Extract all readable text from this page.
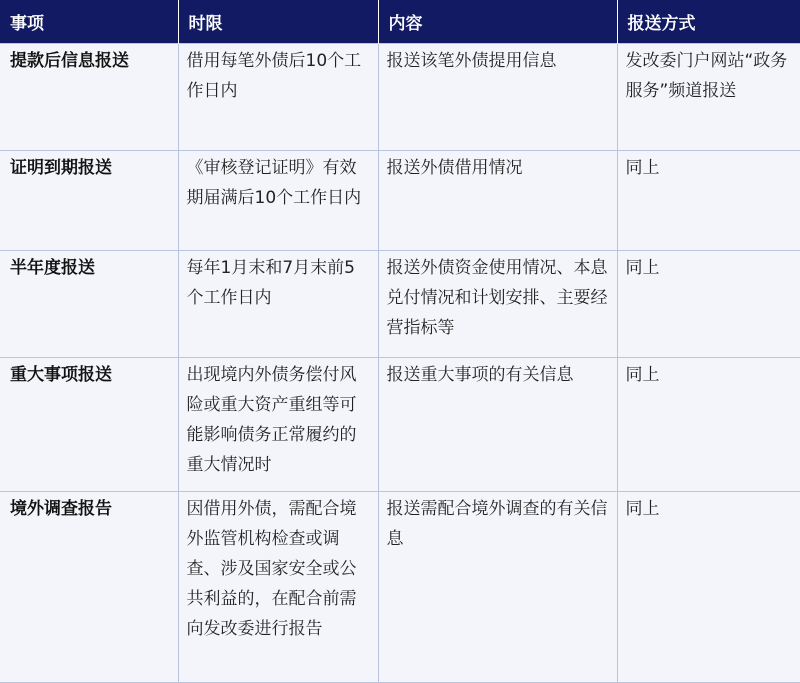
事项	时限	内容	报送方式
提款后信息报送	借用每笔外债后10个工作日内	报送该笔外债提用信息	发改委门户网站“政务服务”频道报送
证明到期报送	《审核登记证明》有效期届满后10个工作日内	报送外债借用情况	同上
半年度报送	每年1月末和7月末前5个工作日内	报送外债资金使用情况、本息兑付情况和计划安排、主要经营指标等	同上
重大事项报送	出现境内外债务偿付风险或重大资产重组等可能影响债务正常履约的重大情况时	报送重大事项的有关信息	同上
境外调查报告	因借用外债，需配合境外监管机构检查或调查、涉及国家安全或公共利益的，在配合前需向发改委进行报告	报送需配合境外调查的有关信息	同上
